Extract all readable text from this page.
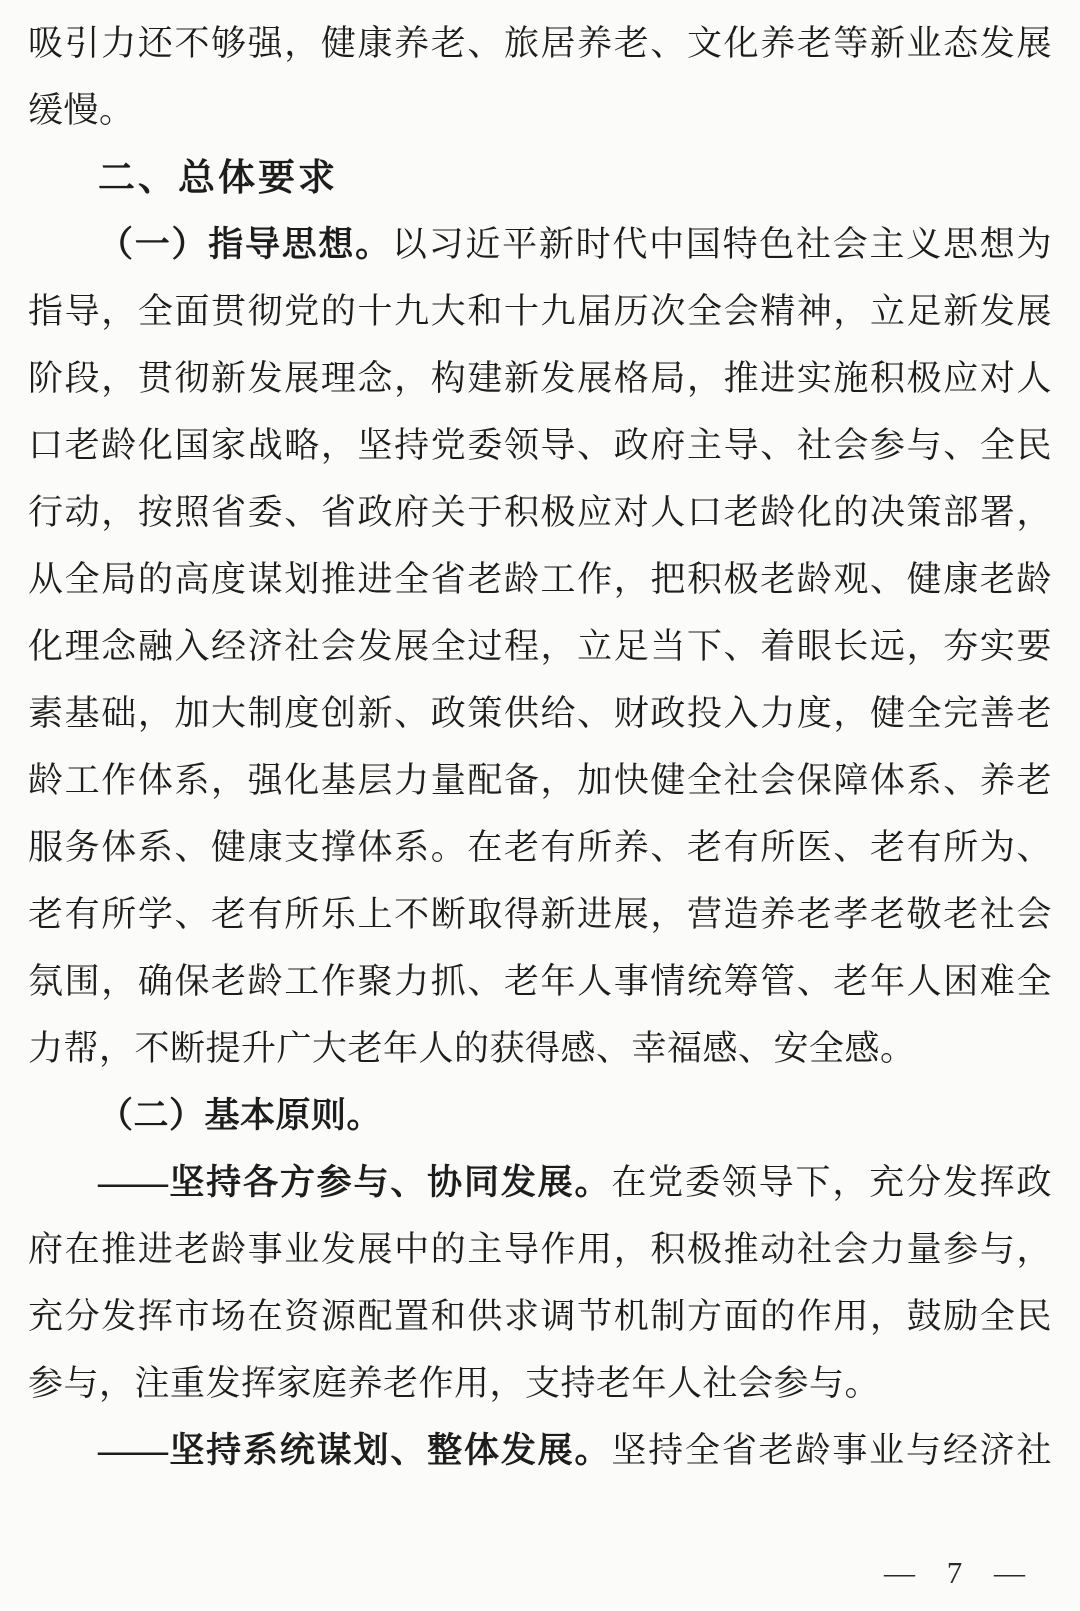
吸引力还不够强，健康养老、旅居养老、文化养老等新业态发展
缓慢。
二、总体要求
（一）指导思想。以习近平新时代中国特色社会主义思想为
指导，全面贯彻党的十九大和十九届历次全会精神，立足新发展
阶段，贯彻新发展理念，构建新发展格局，推进实施积极应对人
口老龄化国家战略，坚持党委领导、政府主导、社会参与、全民
行动，按照省委、省政府关于积极应对人口老龄化的决策部署，
从全局的高度谋划推进全省老龄工作，把积极老龄观、健康老龄
化理念融入经济社会发展全过程，立足当下、着眼长远，夯实要
素基础，加大制度创新、政策供给、财政投入力度，健全完善老
龄工作体系，强化基层力量配备，加快健全社会保障体系、养老
服务体系、健康支撑体系。在老有所养、老有所医、老有所为、
老有所学、老有所乐上不断取得新进展，营造养老孝老敬老社会
氛围，确保老龄工作聚力抓、老年人事情统筹管、老年人困难全
力帮，不断提升广大老年人的获得感、幸福感、安全感。
（二）基本原则。
——坚持各方参与、协同发展。在党委领导下，充分发挥政
府在推进老龄事业发展中的主导作用，积极推动社会力量参与，
充分发挥市场在资源配置和供求调节机制方面的作用，鼓励全民
参与，注重发挥家庭养老作用，支持老年人社会参与。
——坚持系统谋划、整体发展。坚持全省老龄事业与经济社
— 7 —
